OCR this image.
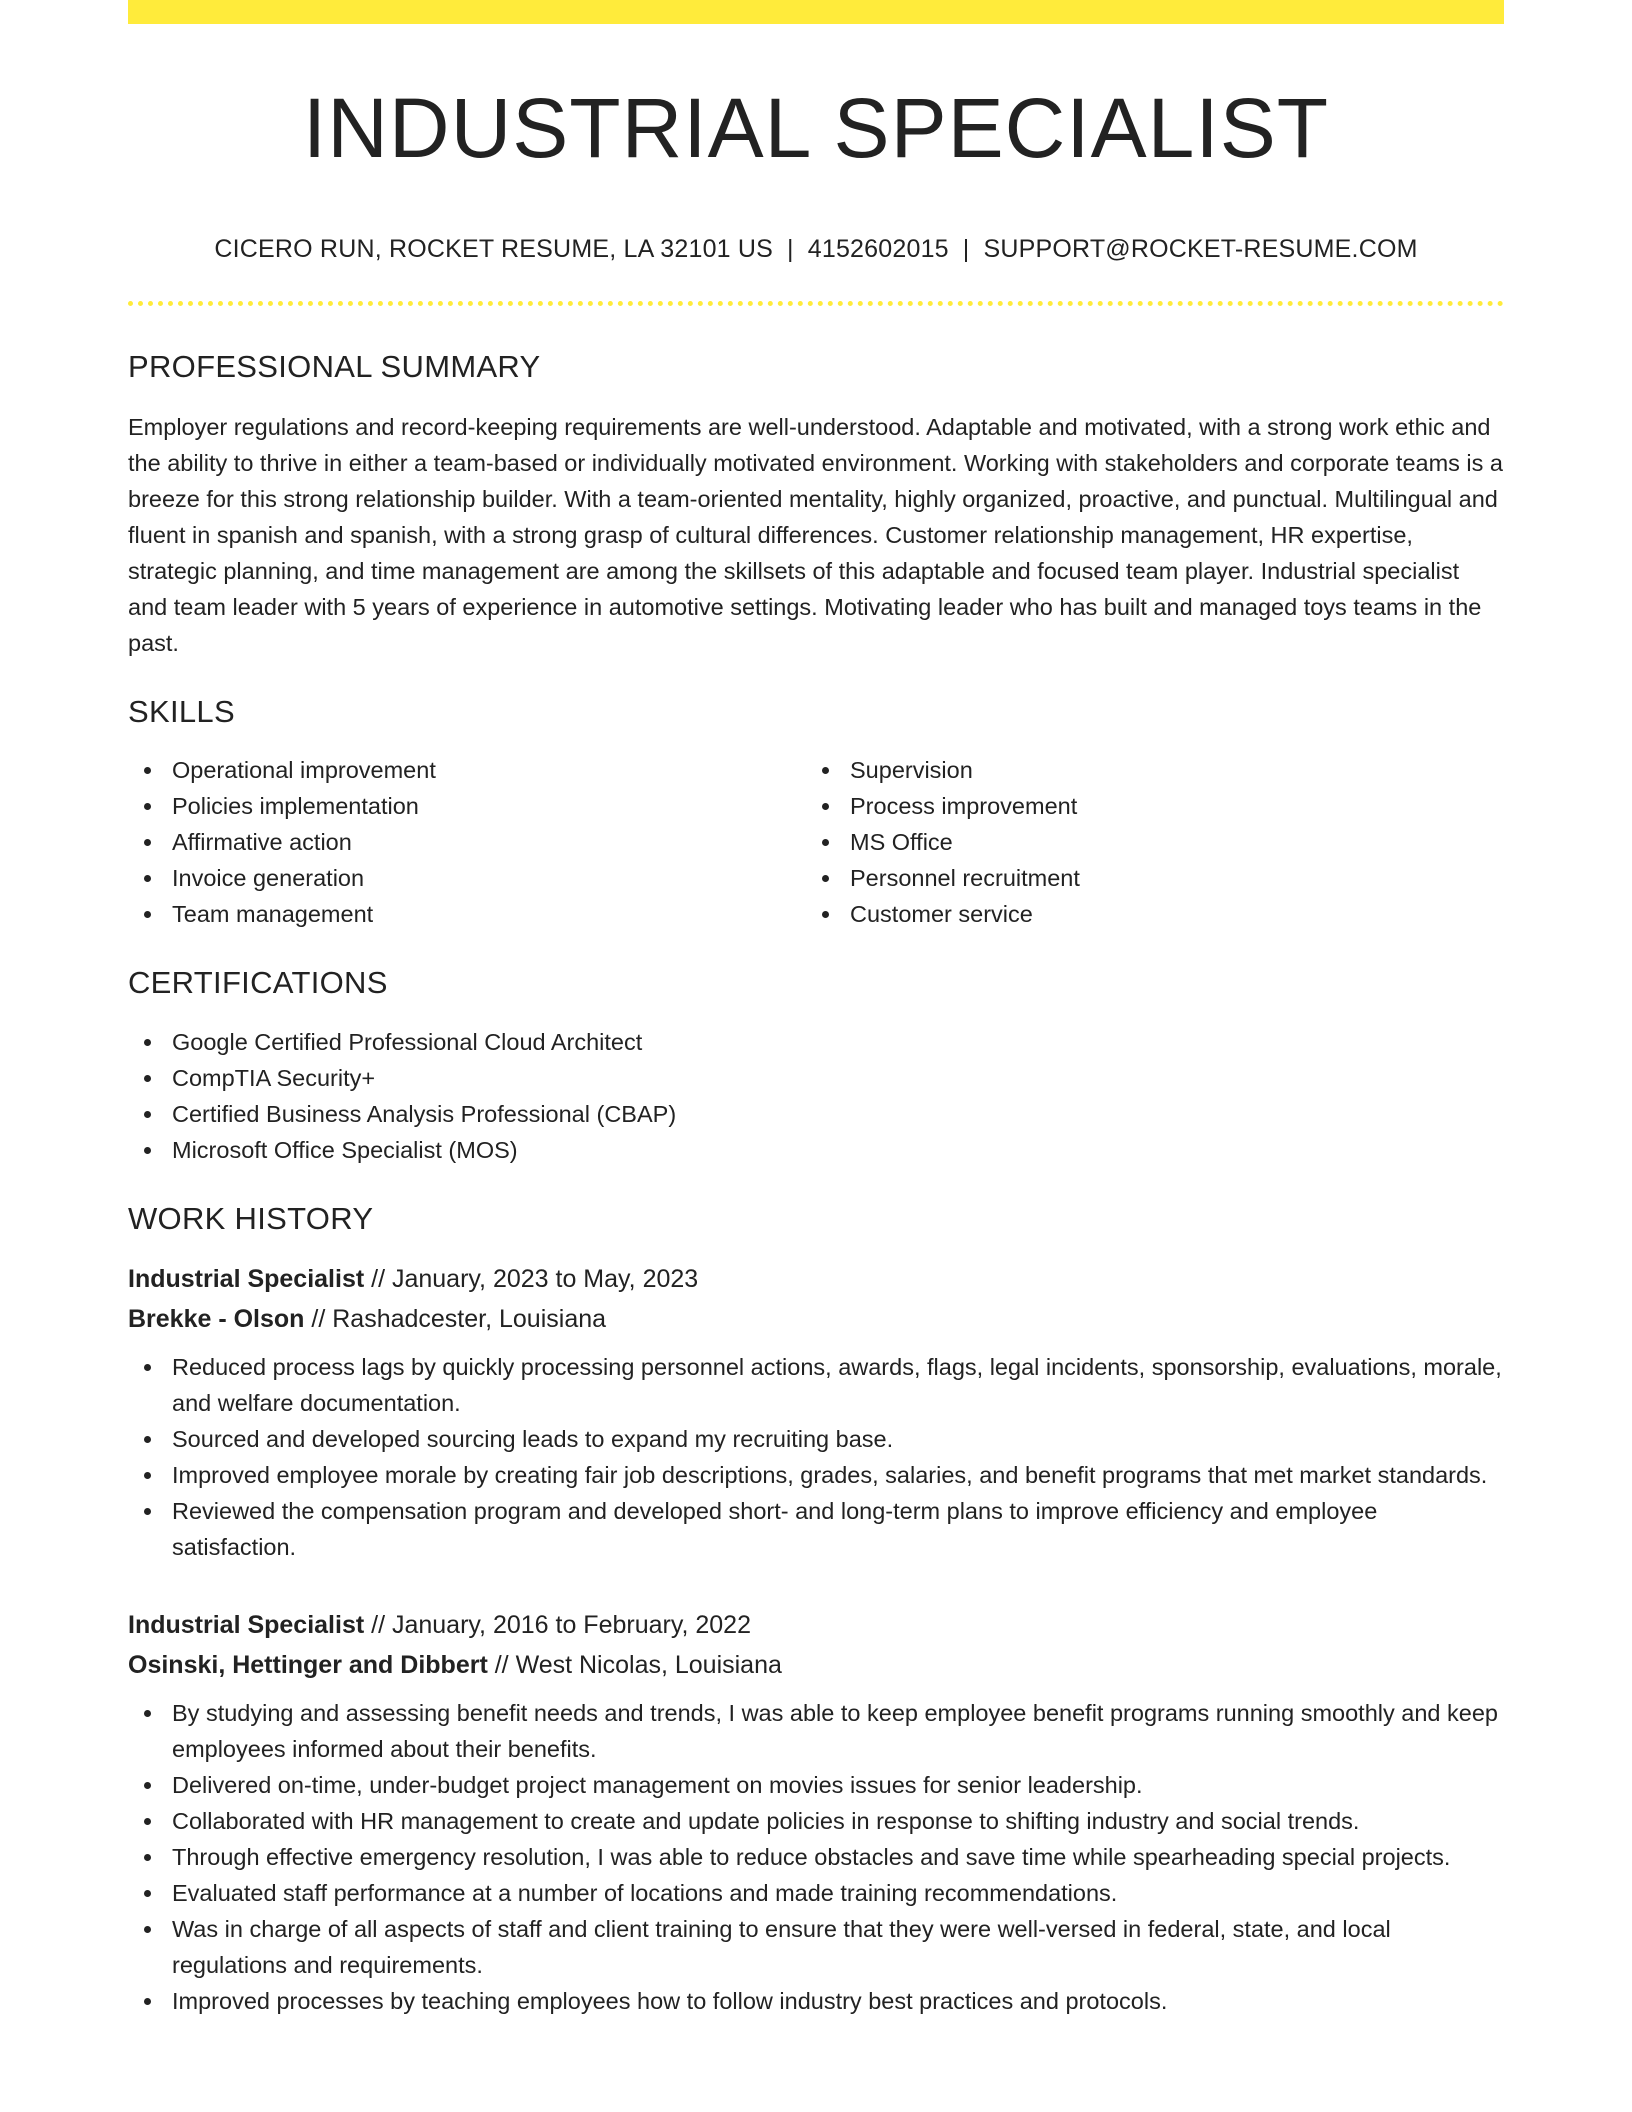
INDUSTRIAL SPECIALIST
CICERO RUN, ROCKET RESUME, LA 32101 US | 4152602015 | SUPPORT@ROCKET-RESUME.COM
PROFESSIONAL SUMMARY

Employer regulations and record-keeping requirements are well-understood. Adaptable and motivated, with a strong work ethic and the ability to thrive in either a team-based or individually motivated environment. Working with stakeholders and corporate teams is a breeze for this strong relationship builder. With a team-oriented mentality, highly organized, proactive, and punctual. Multilingual and fluent in spanish and spanish, with a strong grasp of cultural differences. Customer relationship management, HR expertise, strategic planning, and time management are among the skillsets of this adaptable and focused team player. Industrial specialist and team leader with 5 years of experience in automotive settings. Motivating leader who has built and managed toys teams in the past.

SKILLS
Operational improvement
Policies implementation
Affirmative action
Invoice generation
Team management
Supervision
Process improvement
MS Office
Personnel recruitment
Customer service
CERTIFICATIONS
Google Certified Professional Cloud Architect
CompTIA Security+
Certified Business Analysis Professional (CBAP)
Microsoft Office Specialist (MOS)
WORK HISTORY
Industrial Specialist // January, 2023 to May, 2023
Brekke - Olson // Rashadcester, Louisiana
Reduced process lags by quickly processing personnel actions, awards, flags, legal incidents, sponsorship, evaluations, morale, and welfare documentation.
Sourced and developed sourcing leads to expand my recruiting base.
Improved employee morale by creating fair job descriptions, grades, salaries, and benefit programs that met market standards.
Reviewed the compensation program and developed short- and long-term plans to improve efficiency and employee satisfaction.
Industrial Specialist // January, 2016 to February, 2022
Osinski, Hettinger and Dibbert // West Nicolas, Louisiana
By studying and assessing benefit needs and trends, I was able to keep employee benefit programs running smoothly and keep employees informed about their benefits.
Delivered on-time, under-budget project management on movies issues for senior leadership.
Collaborated with HR management to create and update policies in response to shifting industry and social trends.
Through effective emergency resolution, I was able to reduce obstacles and save time while spearheading special projects.
Evaluated staff performance at a number of locations and made training recommendations.
Was in charge of all aspects of staff and client training to ensure that they were well-versed in federal, state, and local regulations and requirements.
Improved processes by teaching employees how to follow industry best practices and protocols.
